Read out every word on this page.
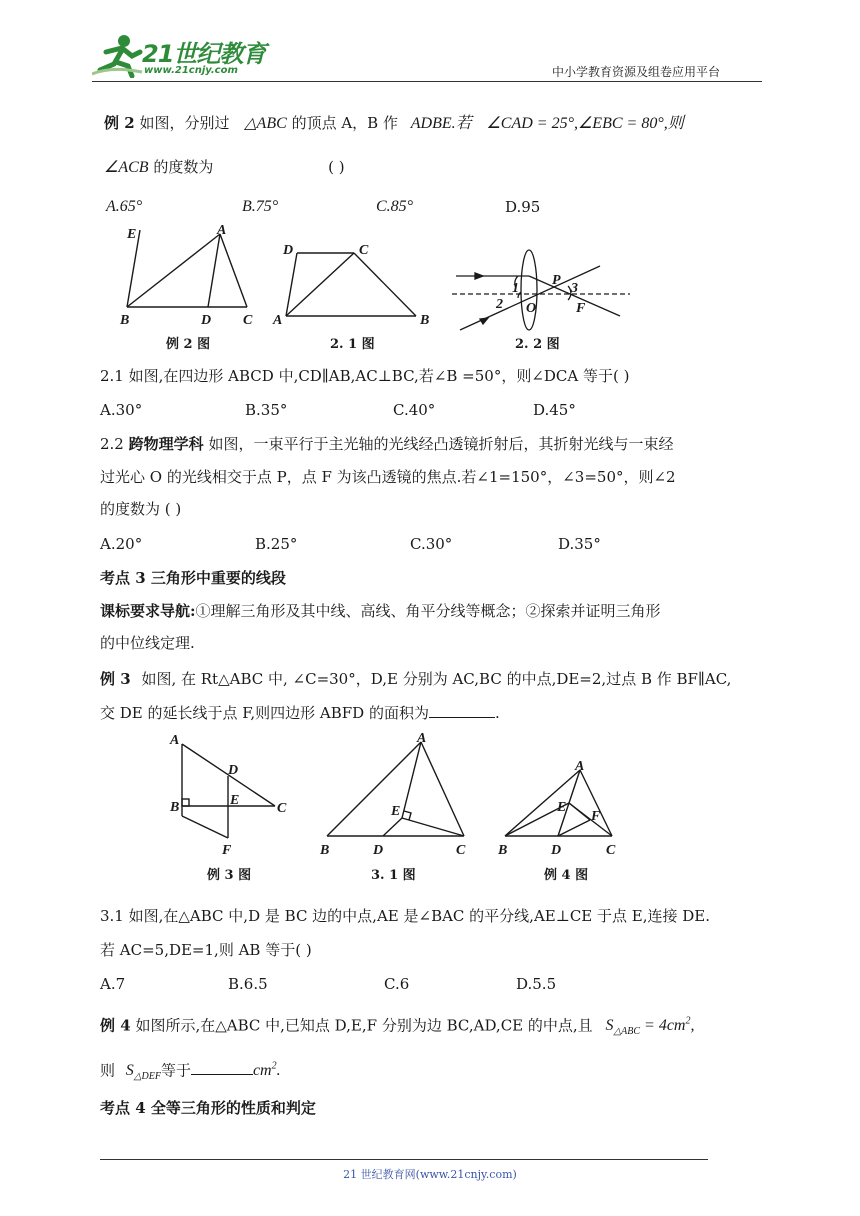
21世纪教育
www.21cnjy.com	中小学教育资源及组卷应用平台
例 2 如图，分别过 △ABC 的顶点 A，B 作 ADBE.若 ∠CAD = 25°,∠EBC = 80°,则
∠ACB 的度数为	( )
A.65°	B.75°	C.85°	D.95
E	A
B	D C
例 2 图
D	C
A	B
2. 1 图
1
2 O
P
3
F
2. 2 图
2.1 如图,在四边形 ABCD 中,CD∥AB,AC⊥BC,若∠B =50°，则∠DCA 等于( )
A.30°	B.35°	C.40°	D.45°
2.2 跨物理学科 如图，一束平行于主光轴的光线经凸透镜折射后，其折射光线与一束经
过光心 O 的光线相交于点 P，点 F 为该凸透镜的焦点.若∠1=150°，∠3=50°，则∠2
的度数为 ( )
A.20°	B.25°	C.30°	D.35°
考点 3 三角形中重要的线段
课标要求导航:①理解三角形及其中线、高线、角平分线等概念；②探索并证明三角形
的中位线定理.
例 3 如图, 在 Rt△ABC 中, ∠C=30°，D,E 分别为 AC,BC 的中点,DE=2,过点 B 作 BF∥AC,
交 DE 的延长线于点 F,则四边形 ABFD 的面积为	.
A
D
B	E
C
F
例 3 图
A
E
B	D	C
3. 1 图
A
E
F
B	D	C
例 4 图
3.1 如图,在△ABC 中,D 是 BC 边的中点,AE 是∠BAC 的平分线,AE⊥CE 于点 E,连接 DE.
若 AC=5,DE=1,则 AB 等于( )
A.7	B.6.5	C.6	D.5.5
例 4 如图所示,在△ABC 中,已知点 D,E,F 分别为边 BC,AD,CE 的中点,且 $S_{\triangle ABC} = 4cm^2$,
则 $S_{\triangle DEF}$等于	$cm^2$.
考点 4 全等三角形的性质和判定
21 世纪教育网(www.21cnjy.com)
